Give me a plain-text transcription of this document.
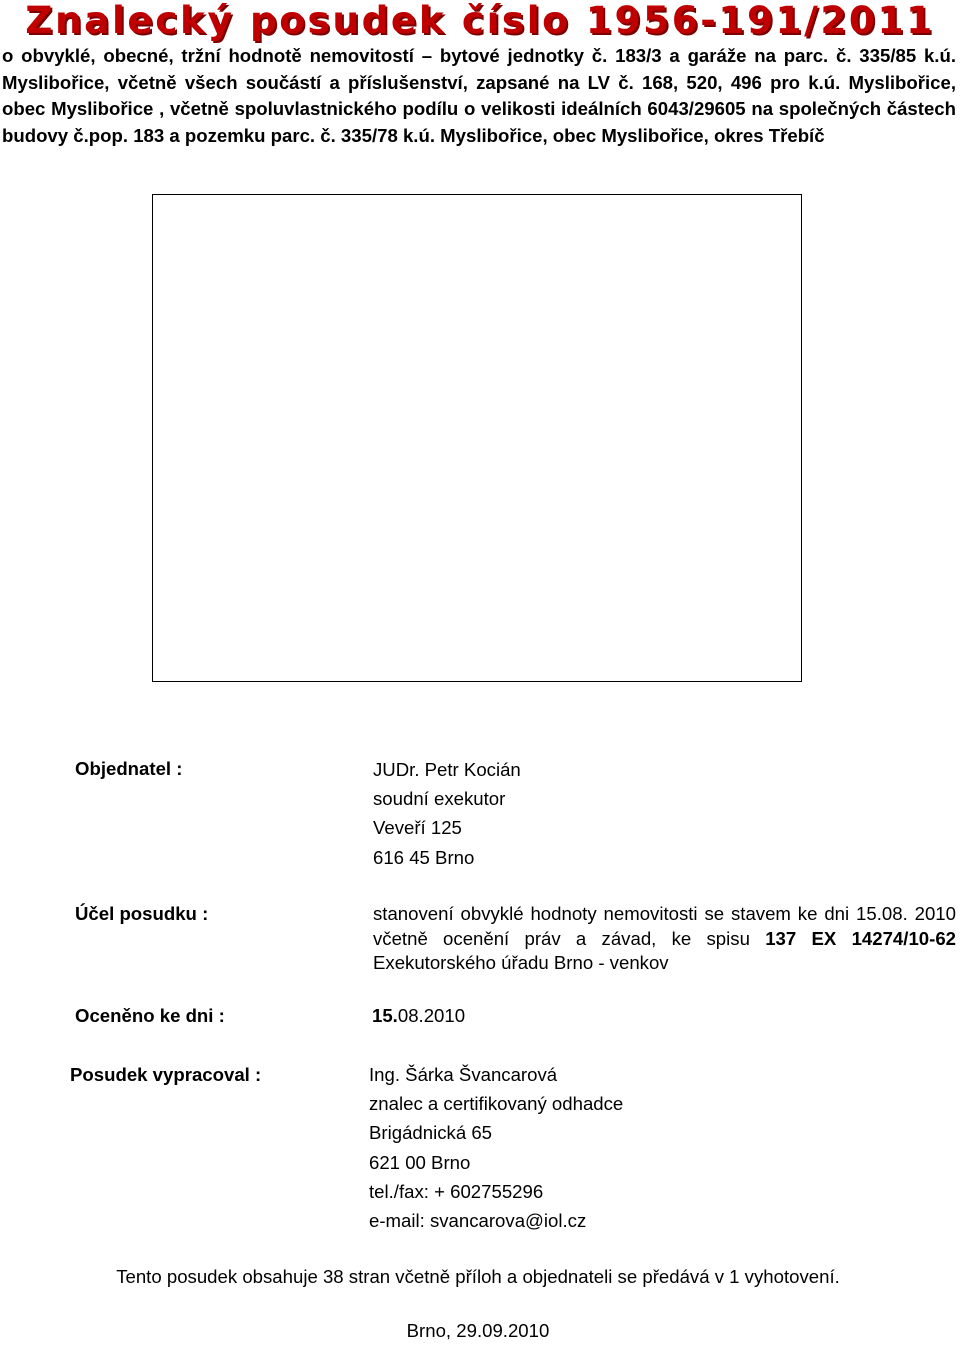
Znalecký posudek číslo 1956-191/2011
o obvyklé, obecné, tržní hodnotě nemovitostí – bytové jednotky č. 183/3 a garáže na parc. č. 335/85 k.ú. Myslibořice, včetně všech součástí a příslušenství, zapsané na LV č. 168, 520, 496 pro k.ú. Myslibořice, obec Myslibořice , včetně spoluvlastnického podílu o velikosti ideálních 6043/29605 na společných částech budovy č.pop. 183 a pozemku parc. č. 335/78 k.ú. Myslibořice, obec Myslibořice, okres Třebíč
Objednatel :	JUDr. Petr Kocián
soudní exekutor
Veveří 125
616 45 Brno
Účel posudku :	stanovení obvyklé hodnoty nemovitosti se stavem ke dni 15.08. 2010 včetně ocenění práv a závad, ke spisu 137 EX 14274/10-62 Exekutorského úřadu Brno - venkov
Oceněno ke dni :	15.08.2010
Posudek vypracoval :	Ing. Šárka Švancarová
znalec a certifikovaný odhadce
Brigádnická 65
621 00 Brno
tel./fax: + 602755296
e-mail: svancarova@iol.cz
Tento posudek obsahuje 38 stran včetně příloh a objednateli se předává v 1 vyhotovení.
Brno, 29.09.2010
